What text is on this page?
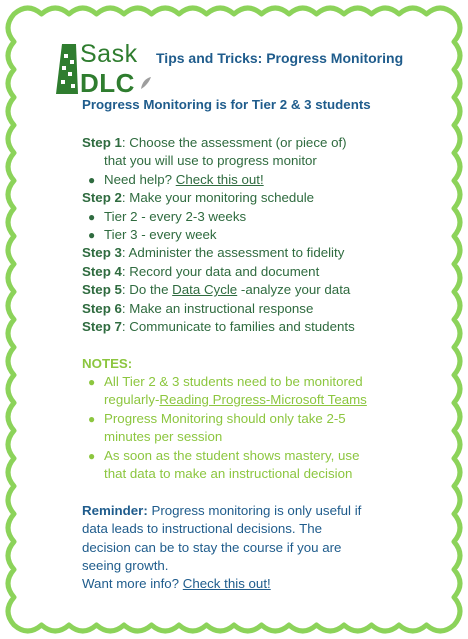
Sask
DLC
Tips and Tricks: Progress Monitoring
Progress Monitoring is for Tier 2 & 3 students
Step 1: Choose the assessment (or piece of)
that you will use to progress monitor
● Need help? Check this out!
Step 2: Make your monitoring schedule
● Tier 2 - every 2-3 weeks
● Tier 3 - every week
Step 3: Administer the assessment to fidelity
Step 4: Record your data and document
Step 5: Do the Data Cycle -analyze your data
Step 6: Make an instructional response
Step 7: Communicate to families and students
NOTES:
● All Tier 2 & 3 students need to be monitored
regularly-Reading Progress-Microsoft Teams
● Progress Monitoring should only take 2-5
minutes per session
● As soon as the student shows mastery, use
that data to make an instructional decision
Reminder: Progress monitoring is only useful if
data leads to instructional decisions. The
decision can be to stay the course if you are
seeing growth.
Want more info? Check this out!
